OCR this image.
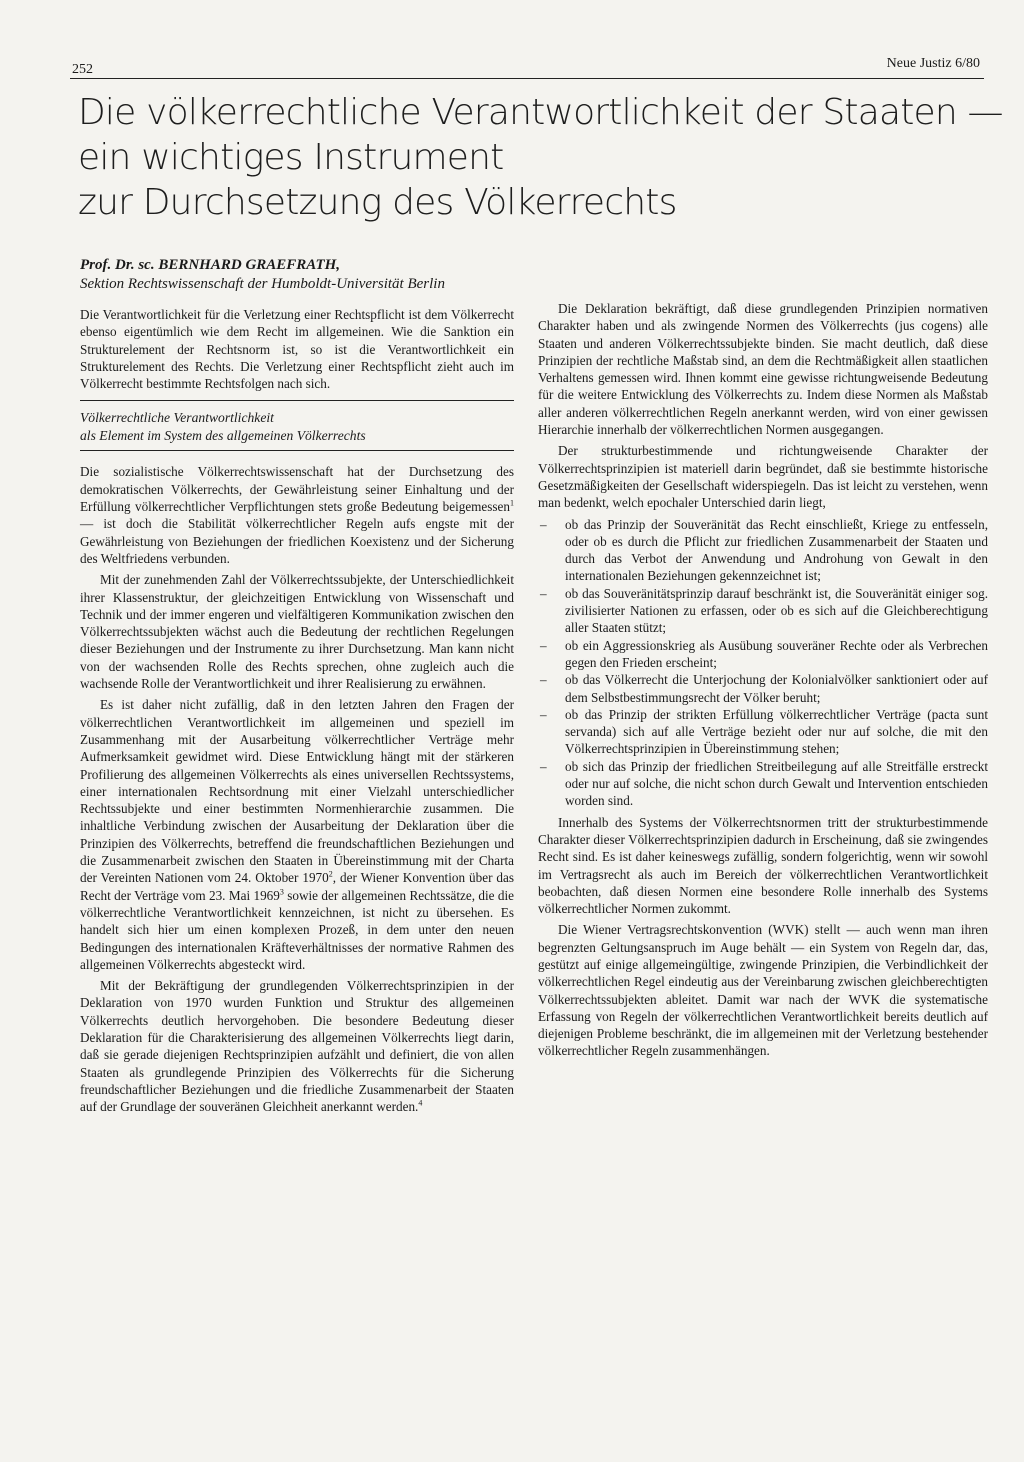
252	Neue Justiz 6/80
Die völkerrechtliche Verantwortlichkeit der Staaten —
ein wichtiges Instrument
zur Durchsetzung des Völkerrechts
Prof. Dr. sc. BERNHARD GRAEFRATH,
Sektion Rechtswissenschaft der Humboldt-Universität Berlin

Die Verantwortlichkeit für die Verletzung einer Rechtspflicht ist dem Völkerrecht ebenso eigentümlich wie dem Recht im allgemeinen. Wie die Sanktion ein Strukturelement der Rechtsnorm ist, so ist die Verantwortlichkeit ein Strukturelement des Rechts. Die Verletzung einer Rechtspflicht zieht auch im Völkerrecht bestimmte Rechtsfolgen nach sich.

Völkerrechtliche Verantwortlichkeit
als Element im System des allgemeinen Völkerrechts

Die sozialistische Völkerrechtswissenschaft hat der Durchsetzung des demokratischen Völkerrechts, der Gewährleistung seiner Einhaltung und der Erfüllung völkerrechtlicher Verpflichtungen stets große Bedeutung beigemessen$^1$ — ist doch die Stabilität völkerrechtlicher Regeln aufs engste mit der Gewährleistung von Beziehungen der friedlichen Koexistenz und der Sicherung des Weltfriedens verbunden.

Mit der zunehmenden Zahl der Völkerrechtssubjekte, der Unterschiedlichkeit ihrer Klassenstruktur, der gleichzeitigen Entwicklung von Wissenschaft und Technik und der immer engeren und vielfältigeren Kommunikation zwischen den Völkerrechtssubjekten wächst auch die Bedeutung der rechtlichen Regelungen dieser Beziehungen und der Instrumente zu ihrer Durchsetzung. Man kann nicht von der wachsenden Rolle des Rechts sprechen, ohne zugleich auch die wachsende Rolle der Verantwortlichkeit und ihrer Realisierung zu erwähnen.

Es ist daher nicht zufällig, daß in den letzten Jahren den Fragen der völkerrechtlichen Verantwortlichkeit im allgemeinen und speziell im Zusammenhang mit der Ausarbeitung völkerrechtlicher Verträge mehr Aufmerksamkeit gewidmet wird. Diese Entwicklung hängt mit der stärkeren Profilierung des allgemeinen Völkerrechts als eines universellen Rechtssystems, einer internationalen Rechtsordnung mit einer Vielzahl unterschiedlicher Rechtssubjekte und einer bestimmten Normenhierarchie zusammen. Die inhaltliche Verbindung zwischen der Ausarbeitung der Deklaration über die Prinzipien des Völkerrechts, betreffend die freundschaftlichen Beziehungen und die Zusammenarbeit zwischen den Staaten in Übereinstimmung mit der Charta der Vereinten Nationen vom 24. Oktober 1970$^2$, der Wiener Konvention über das Recht der Verträge vom 23. Mai 1969$^3$ sowie der allgemeinen Rechtssätze, die die völkerrechtliche Verantwortlichkeit kennzeichnen, ist nicht zu übersehen. Es handelt sich hier um einen komplexen Prozeß, in dem unter den neuen Bedingungen des internationalen Kräfteverhältnisses der normative Rahmen des allgemeinen Völkerrechts abgesteckt wird.

Mit der Bekräftigung der grundlegenden Völkerrechtsprinzipien in der Deklaration von 1970 wurden Funktion und Struktur des allgemeinen Völkerrechts deutlich hervorgehoben. Die besondere Bedeutung dieser Deklaration für die Charakterisierung des allgemeinen Völkerrechts liegt darin, daß sie gerade diejenigen Rechtsprinzipien aufzählt und definiert, die von allen Staaten als grundlegende Prinzipien des Völkerrechts für die Sicherung freundschaftlicher Beziehungen und die friedliche Zusammenarbeit der Staaten auf der Grundlage der souveränen Gleichheit anerkannt werden.$^4$

Die Deklaration bekräftigt, daß diese grundlegenden Prinzipien normativen Charakter haben und als zwingende Normen des Völkerrechts (jus cogens) alle Staaten und anderen Völkerrechtssubjekte binden. Sie macht deutlich, daß diese Prinzipien der rechtliche Maßstab sind, an dem die Rechtmäßigkeit allen staatlichen Verhaltens gemessen wird. Ihnen kommt eine gewisse richtungweisende Bedeutung für die weitere Entwicklung des Völkerrechts zu. Indem diese Normen als Maßstab aller anderen völkerrechtlichen Regeln anerkannt werden, wird von einer gewissen Hierarchie innerhalb der völkerrechtlichen Normen ausgegangen.

Der strukturbestimmende und richtungweisende Charakter der Völkerrechtsprinzipien ist materiell darin begründet, daß sie bestimmte historische Gesetzmäßigkeiten der Gesellschaft widerspiegeln. Das ist leicht zu verstehen, wenn man bedenkt, welch epochaler Unterschied darin liegt,

– ob das Prinzip der Souveränität das Recht einschließt, Kriege zu entfesseln, oder ob es durch die Pflicht zur friedlichen Zusammenarbeit der Staaten und durch das Verbot der Anwendung und Androhung von Gewalt in den internationalen Beziehungen gekennzeichnet ist;
– ob das Souveränitätsprinzip darauf beschränkt ist, die Souveränität einiger sog. zivilisierter Nationen zu erfassen, oder ob es sich auf die Gleichberechtigung aller Staaten stützt;
– ob ein Aggressionskrieg als Ausübung souveräner Rechte oder als Verbrechen gegen den Frieden erscheint;
– ob das Völkerrecht die Unterjochung der Kolonialvölker sanktioniert oder auf dem Selbstbestimmungsrecht der Völker beruht;
– ob das Prinzip der strikten Erfüllung völkerrechtlicher Verträge (pacta sunt servanda) sich auf alle Verträge bezieht oder nur auf solche, die mit den Völkerrechtsprinzipien in Übereinstimmung stehen;
– ob sich das Prinzip der friedlichen Streitbeilegung auf alle Streitfälle erstreckt oder nur auf solche, die nicht schon durch Gewalt und Intervention entschieden worden sind.

Innerhalb des Systems der Völkerrechtsnormen tritt der strukturbestimmende Charakter dieser Völkerrechtsprinzipien dadurch in Erscheinung, daß sie zwingendes Recht sind. Es ist daher keineswegs zufällig, sondern folgerichtig, wenn wir sowohl im Vertragsrecht als auch im Bereich der völkerrechtlichen Verantwortlichkeit beobachten, daß diesen Normen eine besondere Rolle innerhalb des Systems völkerrechtlicher Normen zukommt.

Die Wiener Vertragsrechtskonvention (WVK) stellt — auch wenn man ihren begrenzten Geltungsanspruch im Auge behält — ein System von Regeln dar, das, gestützt auf einige allgemeingültige, zwingende Prinzipien, die Verbindlichkeit der völkerrechtlichen Regel eindeutig aus der Vereinbarung zwischen gleichberechtigten Völkerrechtssubjekten ableitet. Damit war nach der WVK die systematische Erfassung von Regeln der völkerrechtlichen Verantwortlichkeit bereits deutlich auf diejenigen Probleme beschränkt, die im allgemeinen mit der Verletzung bestehender völkerrechtlicher Regeln zusammenhängen.
